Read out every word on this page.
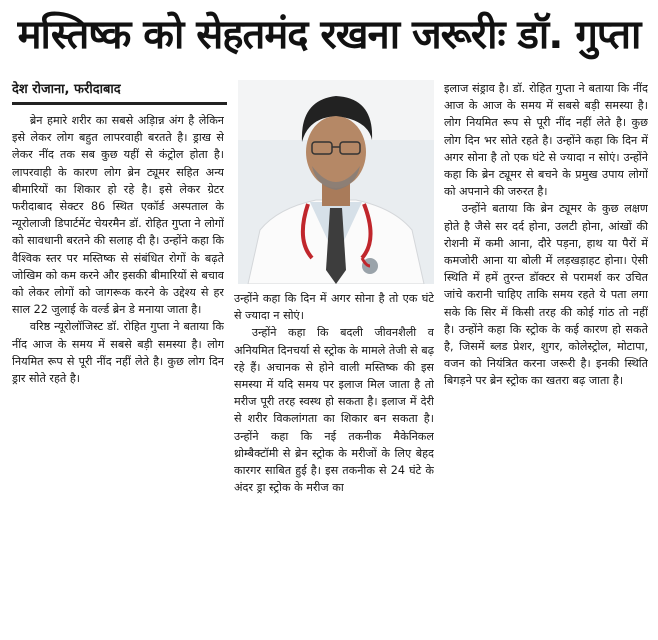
मस्तिष्क को सेहतमंद रखना जरूरीः डॉ. गुप्ता
देश रोजाना, फरीदाबाद

ब्रेन हमारे शरीर का सबसे अड़िान्न अंग है लेकिन इसे लेकर लोग बहुत लापरवाही बरतते है। ड्राख से लेकर नींद तक सब कुछ यहीं से कंट्रोल होता है। लापरवाही के कारण लोग ब्रेन ट्यूमर सहित अन्य बीमारियों का शिकार हो रहे है। इसे लेकर ग्रेटर फरीदाबाद सेक्टर 86 स्थित एकॉर्ड अस्पताल के न्यूरोलाजी डिपार्टमेंट चेयरमैन डॉ. रोहित गुप्ता ने लोगों को सावधानी बरतने की सलाह दी है। उन्होंने कहा कि वैश्विक स्तर पर मस्तिष्क से संबंधित रोगों के बढ़ते जोखिम को कम करने और इसकी बीमारियों से बचाव को लेकर लोगों को जागरूक करने के उद्देश्य से हर साल 22 जुलाई के वर्ल्ड ब्रेन डे मनाया जाता है।

वरिष्ठ न्यूरोलॉजिस्ट डॉ. रोहित गुप्ता ने बताया कि नींद आज के समय में सबसे बड़ी समस्या है। लोग नियमित रूप से पूरी नींद नहीं लेते है। कुछ लोग दिन ड्रार सोते रहते है।

उन्होंने कहा कि दिन में अगर सोना है तो एक घंटे से ज्यादा न सोएं।

उन्होंने कहा कि बदली जीवनशैली व अनियमित दिनचर्या से स्ट्रोक के मामले तेजी से बढ़ रहे हैं। अचानक से होने वाली मस्तिष्क की इस समस्या में यदि समय पर इलाज मिल जाता है तो मरीज पूरी तरह स्वस्थ हो सकता है। इलाज में देरी से शरीर विकलांगता का शिकार बन सकता है। उन्होंने कहा कि नई तकनीक मैकेनिकल थ्रोम्बैक्टॉमी से ब्रेन स्ट्रोक के मरीजों के लिए बेहद कारगर साबित हुई है। इस तकनीक से 24 घंटे के अंदर ड्रा स्ट्रोक के मरीज का

इलाज संड्राव है। डॉ. रोहित गुप्ता ने बताया कि नींद आज के आज के समय में सबसे बड़ी समस्या है। लोग नियमित रूप से पूरी नींद नहीं लेते है। कुछ लोग दिन भर सोते रहते है। उन्होंने कहा कि दिन में अगर सोना है तो एक घंटे से ज्यादा न सोएं। उन्होंने कहा कि ब्रेन ट्यूमर से बचने के प्रमुख उपाय लोगों को अपनाने की जरुरत है।

उन्होंने बताया कि ब्रेन ट्यूमर के कुछ लक्षण होते है जैसे सर दर्द होना, उलटी होना, आंखों की रोशनी में कमी आना, दौरे पड़ना, हाथ या पैरों में कमजोरी आना या बोली में लड़खड़ाहट होना। ऐसी स्थिति में हमें तुरन्त डॉक्टर से परामर्श कर उचित जांचे करानी चाहिए ताकि समय रहते ये पता लगा सके कि सिर में किसी तरह की कोई गांठ तो नहीं है। उन्होंने कहा कि स्ट्रोक के कई कारण हो सकते है, जिसमें ब्लड प्रेशर, शुगर, कोलेस्ट्रोल, मोटापा, वजन को नियंत्रित करना जरूरी है। इनकी स्थिति बिगड़ने पर ब्रेन स्ट्रोक का खतरा बढ़ जाता है।
